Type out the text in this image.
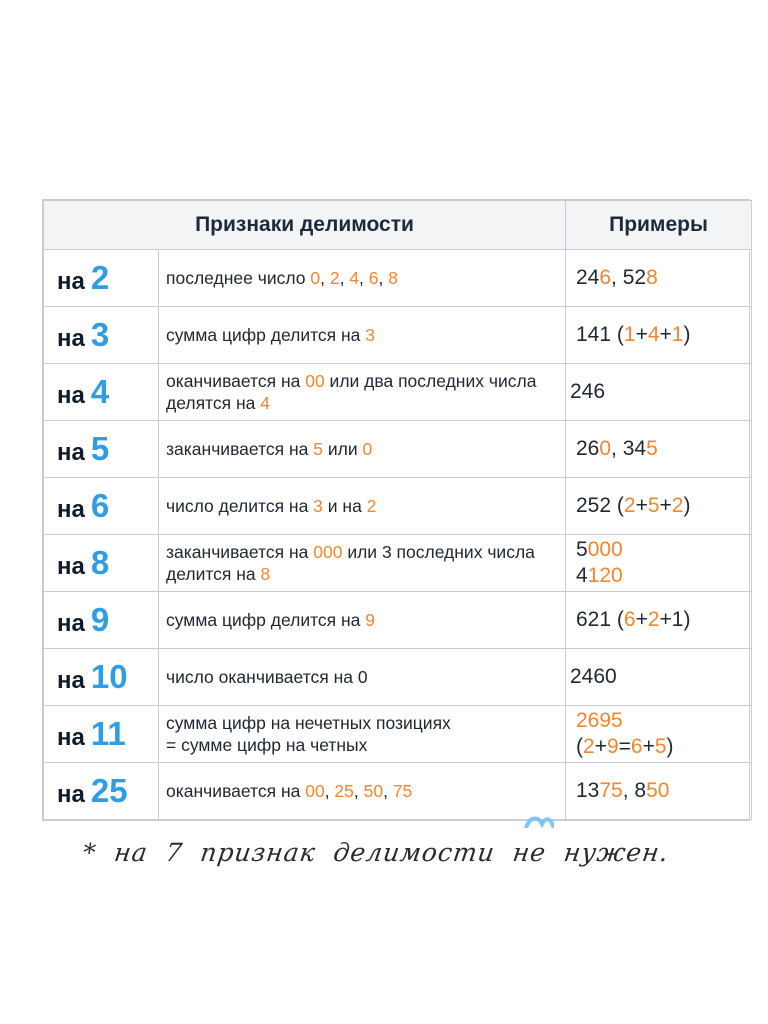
Признаки делимости		Примеры
на 2	последнее число 0, 2, 4, 6, 8	246, 528

на 3	сумма цифр делится на 3	141 (1+4+1)

на 4	оканчивается на 00 или два последних числа делятся на 4	246

на 5	заканчивается на 5 или 0	260, 345

на 6	число делится на 3 и на 2	252 (2+5+2)

на 8	заканчивается на 000 или 3 последних числа делится на 8	5000
4120

на 9	сумма цифр делится на 9	621 (6+2+1)

на 10	число оканчивается на 0	2460

на 11	сумма цифр на нечетных позициях
= сумме цифр на четных	2695
(2+9=6+5)

на 25	оканчивается на 00, 25, 50, 75	1375, 850
* на 7 признак делимости не нужен.
